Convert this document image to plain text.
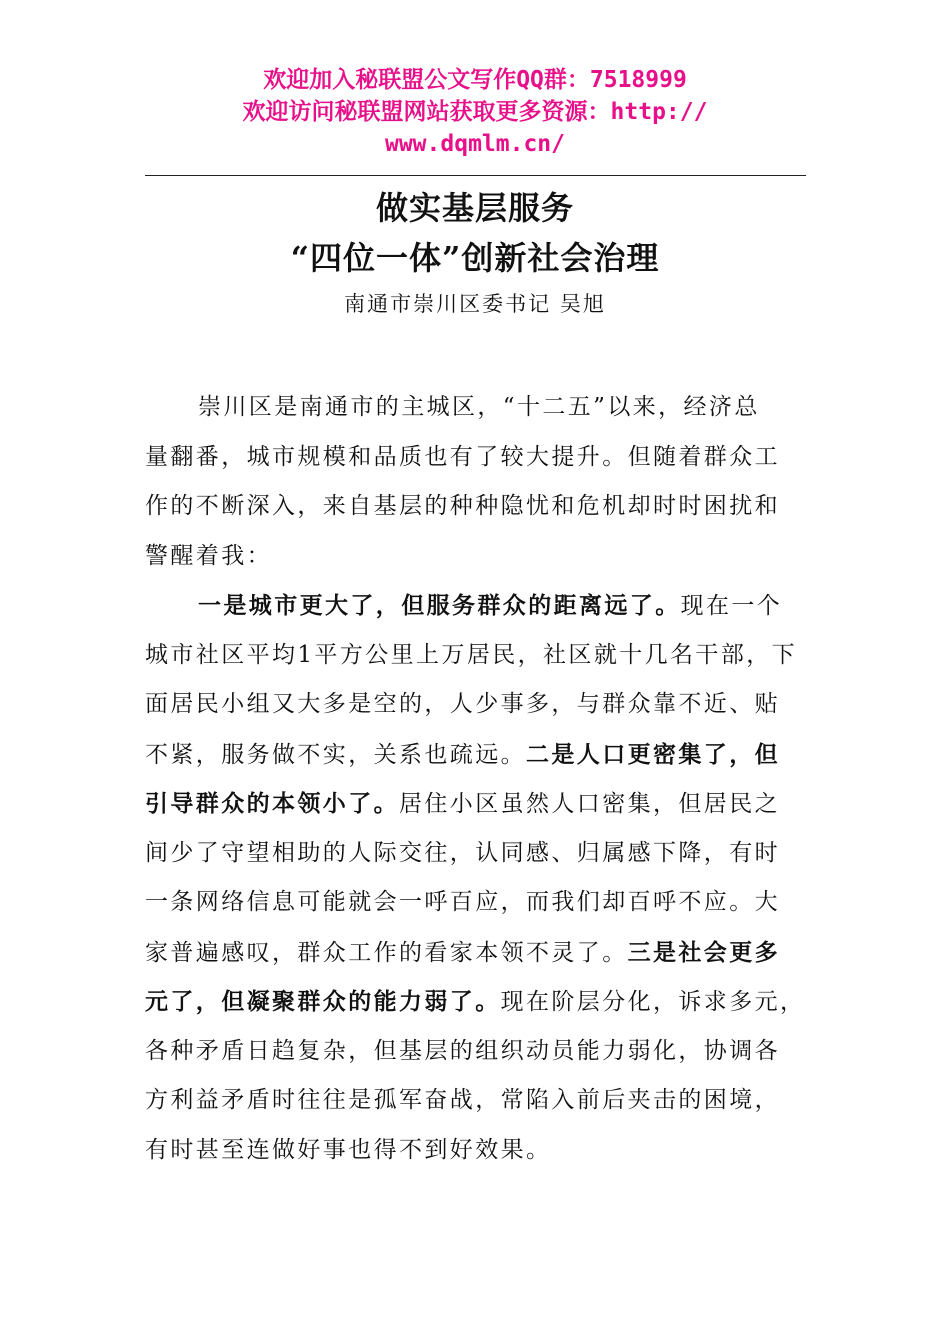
欢迎加入秘联盟公文写作QQ群：7518999
欢迎访问秘联盟网站获取更多资源：http://
www.dqmlm.cn/
做实基层服务
“四位一体”创新社会治理
南通市崇川区委书记 吴旭
崇川区是南通市的主城区，“十二五”以来，经济总
量翻番，城市规模和品质也有了较大提升。但随着群众工
作的不断深入，来自基层的种种隐忧和危机却时时困扰和
警醒着我：
一是城市更大了，但服务群众的距离远了。现在一个
城市社区平均1平方公里上万居民，社区就十几名干部，下
面居民小组又大多是空的，人少事多，与群众靠不近、贴
不紧，服务做不实，关系也疏远。二是人口更密集了，但
引导群众的本领小了。居住小区虽然人口密集，但居民之
间少了守望相助的人际交往，认同感、归属感下降，有时
一条网络信息可能就会一呼百应，而我们却百呼不应。大
家普遍感叹，群众工作的看家本领不灵了。三是社会更多
元了，但凝聚群众的能力弱了。现在阶层分化，诉求多元，
各种矛盾日趋复杂，但基层的组织动员能力弱化，协调各
方利益矛盾时往往是孤军奋战，常陷入前后夹击的困境，
有时甚至连做好事也得不到好效果。
